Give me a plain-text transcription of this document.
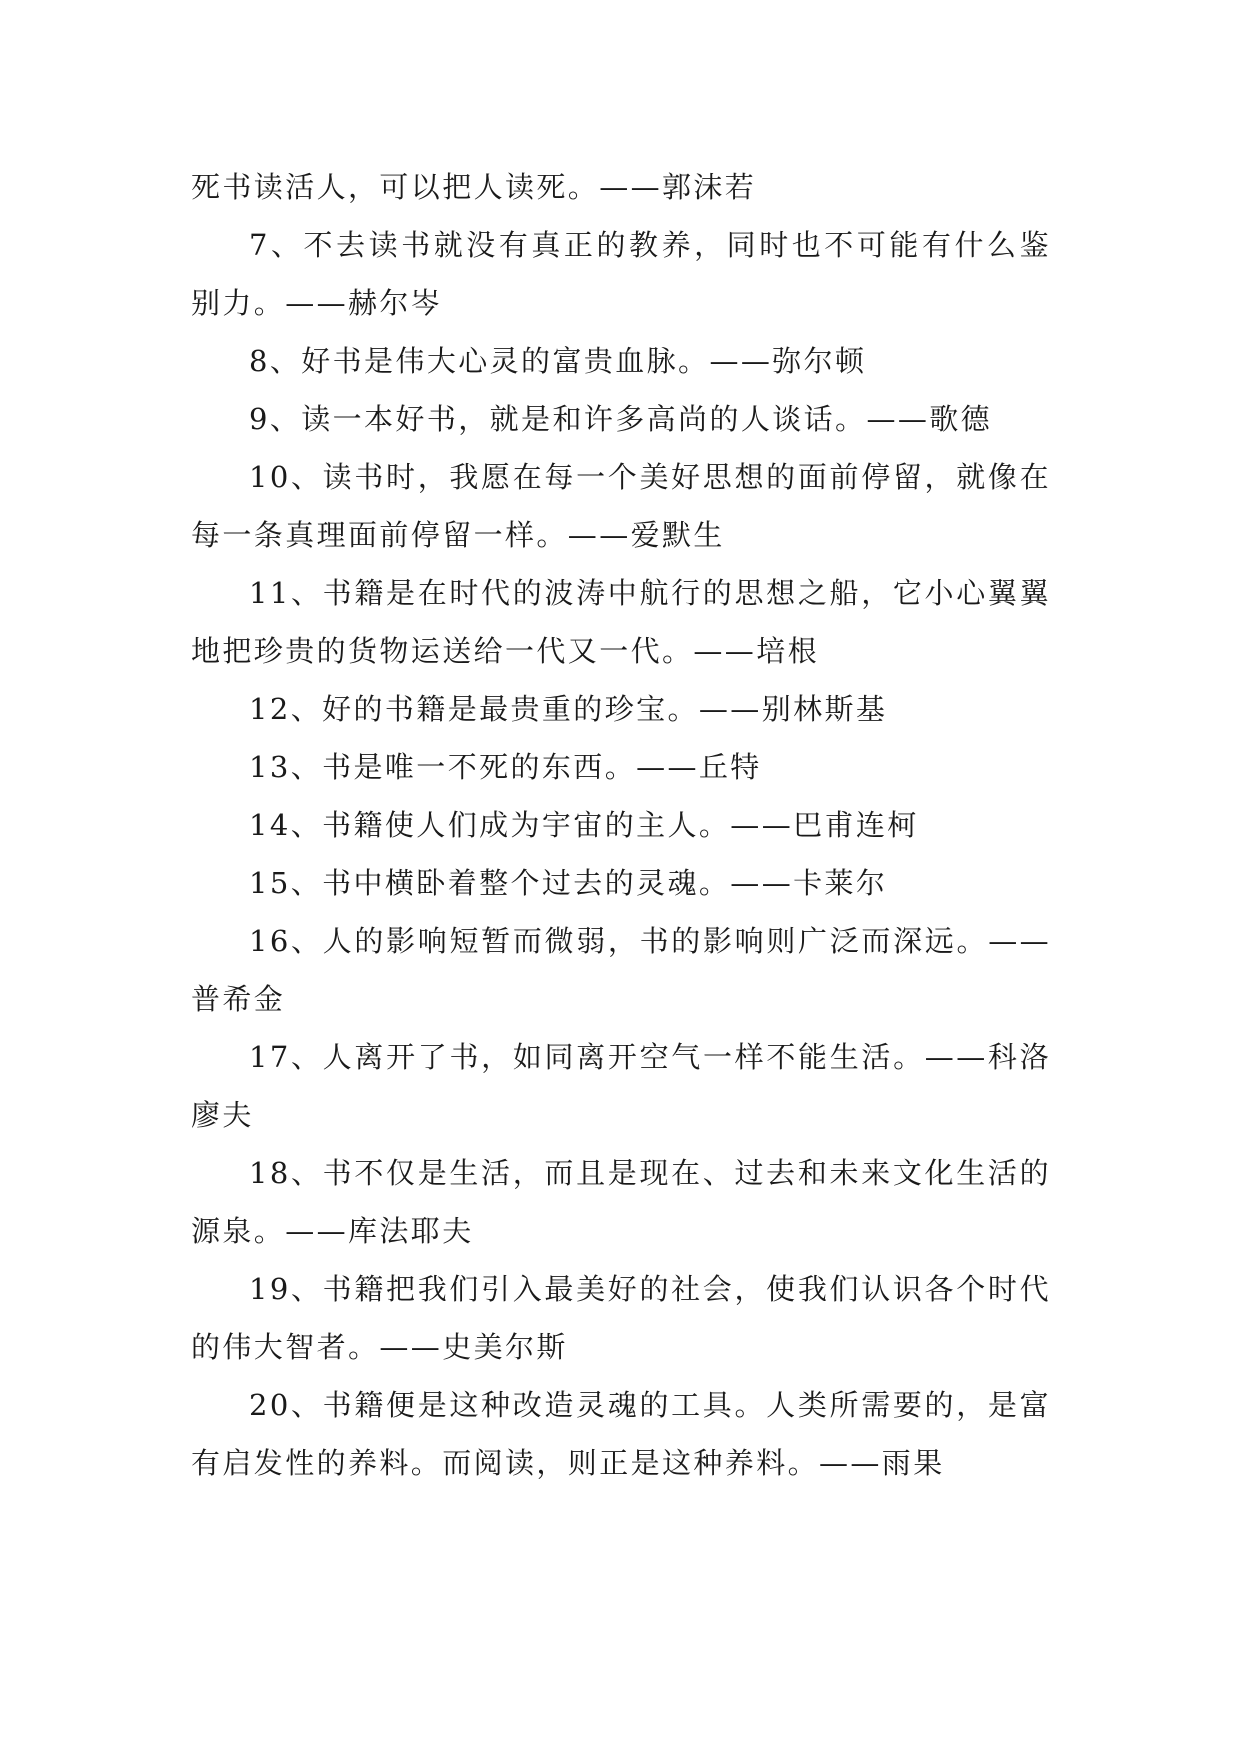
死书读活人，可以把人读死。——郭沫若

7、不去读书就没有真正的教养，同时也不可能有什么鉴别力。——赫尔岑

8、好书是伟大心灵的富贵血脉。——弥尔顿

9、读一本好书，就是和许多高尚的人谈话。——歌德

10、读书时，我愿在每一个美好思想的面前停留，就像在每一条真理面前停留一样。——爱默生

11、书籍是在时代的波涛中航行的思想之船，它小心翼翼地把珍贵的货物运送给一代又一代。——培根

12、好的书籍是最贵重的珍宝。——别林斯基

13、书是唯一不死的东西。——丘特

14、书籍使人们成为宇宙的主人。——巴甫连柯

15、书中横卧着整个过去的灵魂。——卡莱尔

16、人的影响短暂而微弱，书的影响则广泛而深远。——普希金

17、人离开了书，如同离开空气一样不能生活。——科洛廖夫

18、书不仅是生活，而且是现在、过去和未来文化生活的源泉。——库法耶夫

19、书籍把我们引入最美好的社会，使我们认识各个时代的伟大智者。——史美尔斯

20、书籍便是这种改造灵魂的工具。人类所需要的，是富有启发性的养料。而阅读，则正是这种养料。——雨果
